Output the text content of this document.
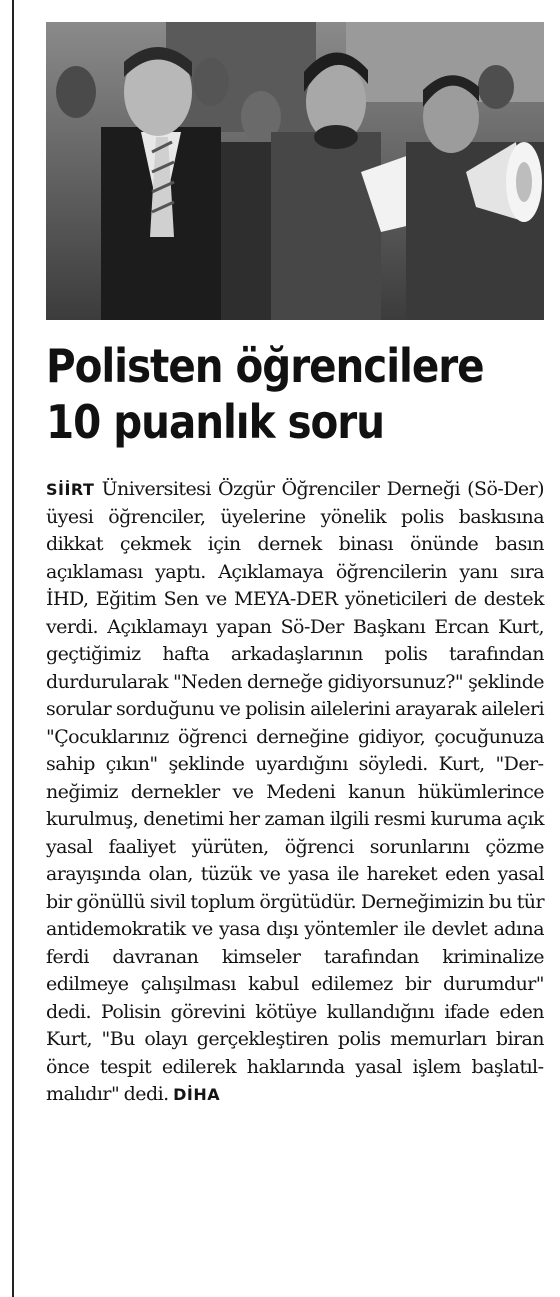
Polisten öğrencilere
10 puanlık soru

SİİRT Üniversitesi Özgür Öğrenciler Derneği (Sö-Der) üyesi öğrenciler, üyelerine yönelik polis baskısına dikkat çekmek için dernek binası önünde basın açıklaması yaptı. Açıklamaya öğrencilerin yanı sıra İHD, Eğitim Sen ve MEYA-DER yöneticileri de destek verdi. Açıklamayı yapan Sö-Der Başkanı Ercan Kurt, geçtiğimiz hafta arkadaşlarının polis tarafından durdurularak "Neden derneğe gidiyorsunuz?" şeklinde sorular sorduğunu ve polisin ailelerini arayarak aileleri "Çocuklarınız öğrenci derneğine gidiyor, çocuğunuza sahip çıkın" şeklinde uyardığını söyledi. Kurt, "Derneğimiz dernekler ve Medeni kanun hükümlerince kurulmuş, denetimi her zaman ilgili resmi kuruma açık yasal faaliyet yürüten, öğrenci sorunlarını çözme arayışında olan, tüzük ve yasa ile hareket eden yasal bir gönüllü sivil toplum örgütüdür. Derneğimizin bu tür antidemokratik ve yasa dışı yöntemler ile devlet adına ferdi davranan kimseler tarafından kriminalize edilmeye çalışılması kabul edilemez bir durumdur" dedi. Polisin görevini kötüye kullandığını ifade eden Kurt, "Bu olayı gerçekleştiren polis memurları biran önce tespit edilerek haklarında yasal işlem başlatılmalıdır" dedi. DİHA
